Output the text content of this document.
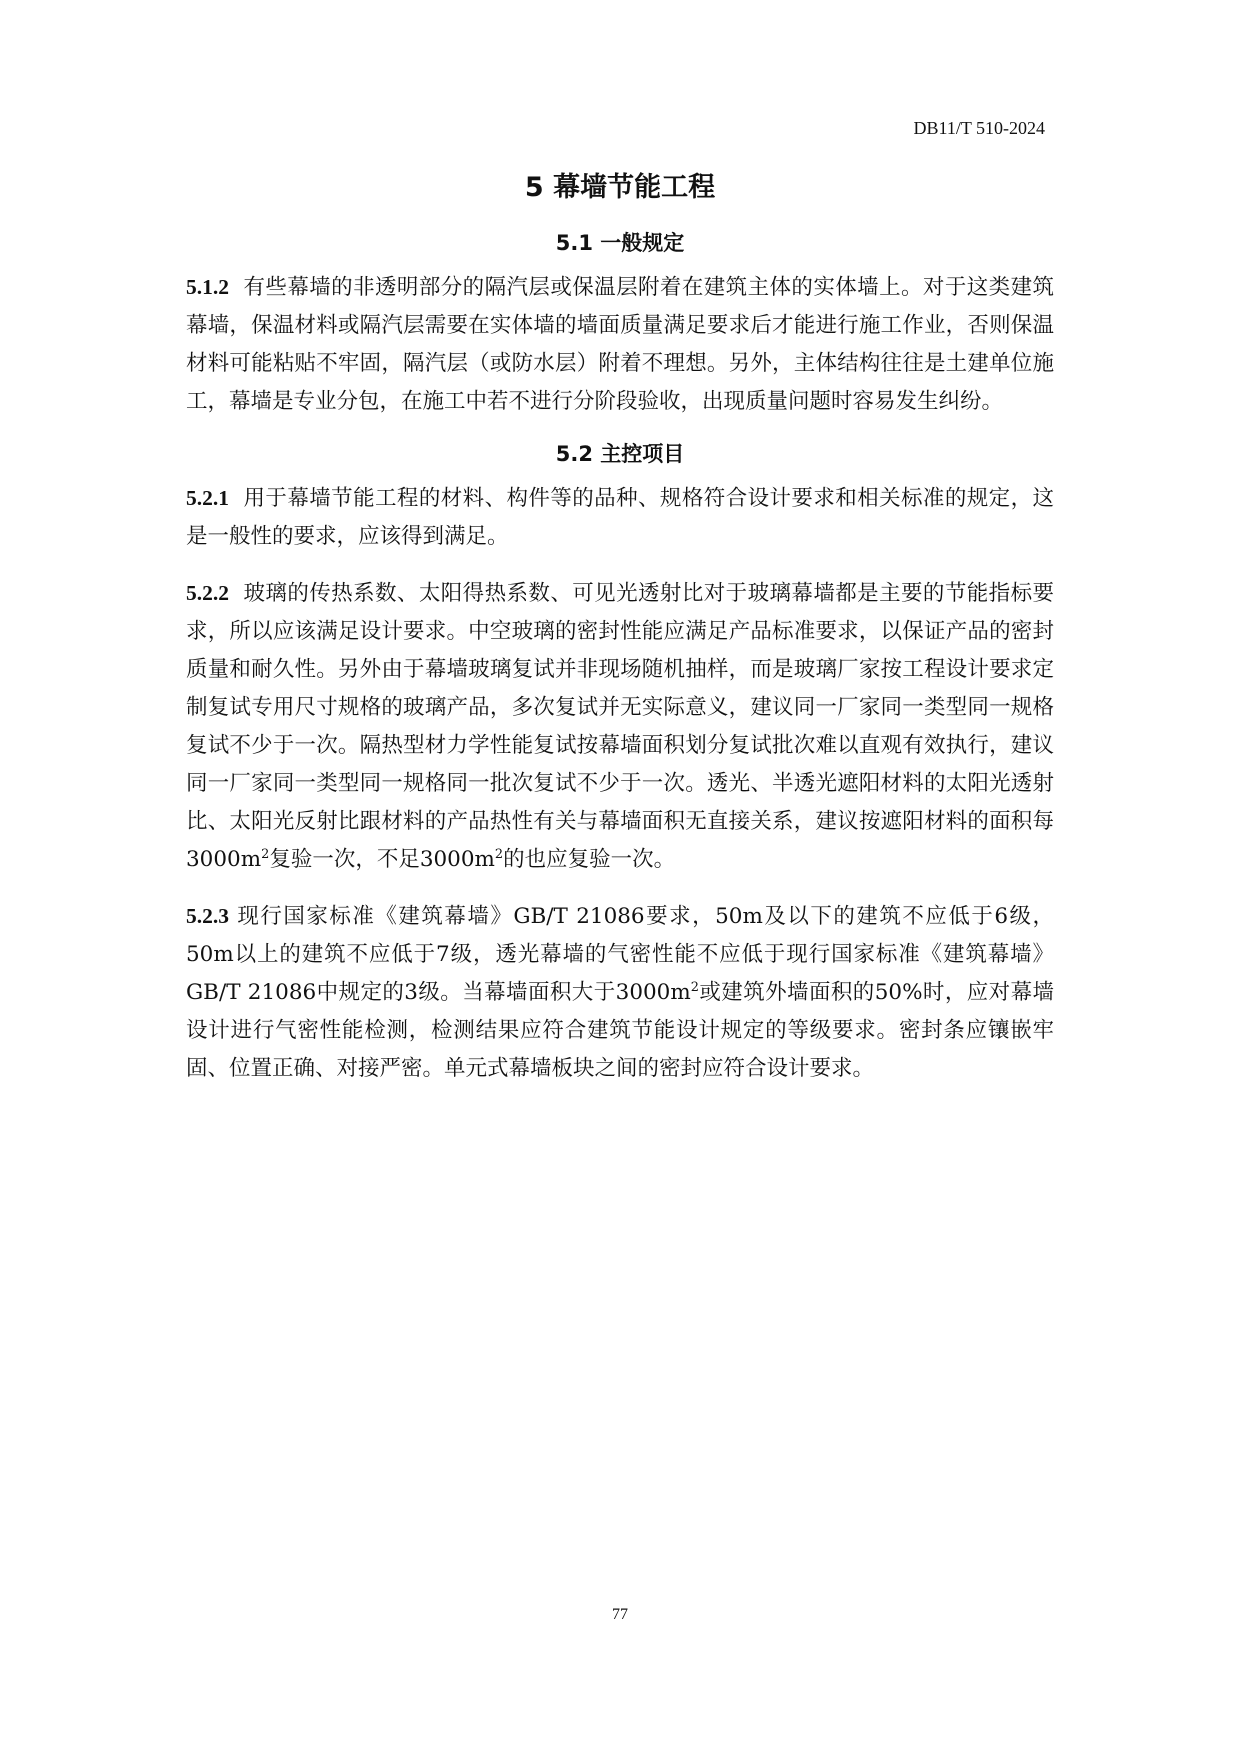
DB11/T 510-2024
5 幕墙节能工程
5.1 一般规定

5.1.2 有些幕墙的非透明部分的隔汽层或保温层附着在建筑主体的实体墙上。对于这类建筑幕墙，保温材料或隔汽层需要在实体墙的墙面质量满足要求后才能进行施工作业，否则保温材料可能粘贴不牢固，隔汽层（或防水层）附着不理想。另外，主体结构往往是土建单位施工，幕墙是专业分包，在施工中若不进行分阶段验收，出现质量问题时容易发生纠纷。

5.2 主控项目

5.2.1 用于幕墙节能工程的材料、构件等的品种、规格符合设计要求和相关标准的规定，这是一般性的要求，应该得到满足。

5.2.2 玻璃的传热系数、太阳得热系数、可见光透射比对于玻璃幕墙都是主要的节能指标要求，所以应该满足设计要求。中空玻璃的密封性能应满足产品标准要求，以保证产品的密封质量和耐久性。另外由于幕墙玻璃复试并非现场随机抽样，而是玻璃厂家按工程设计要求定制复试专用尺寸规格的玻璃产品，多次复试并无实际意义，建议同一厂家同一类型同一规格复试不少于一次。隔热型材力学性能复试按幕墙面积划分复试批次难以直观有效执行，建议同一厂家同一类型同一规格同一批次复试不少于一次。透光、半透光遮阳材料的太阳光透射比、太阳光反射比跟材料的产品热性有关与幕墙面积无直接关系，建议按遮阳材料的面积每$3000m^2$复验一次，不足$3000m^2$的也应复验一次。

5.2.3 现行国家标准《建筑幕墙》GB/T 21086要求，50m及以下的建筑不应低于6级，50m以上的建筑不应低于7级，透光幕墙的气密性能不应低于现行国家标准《建筑幕墙》GB/T 21086中规定的3级。当幕墙面积大于$3000m^2$或建筑外墙面积的50%时，应对幕墙设计进行气密性能检测，检测结果应符合建筑节能设计规定的等级要求。密封条应镶嵌牢固、位置正确、对接严密。单元式幕墙板块之间的密封应符合设计要求。

77
